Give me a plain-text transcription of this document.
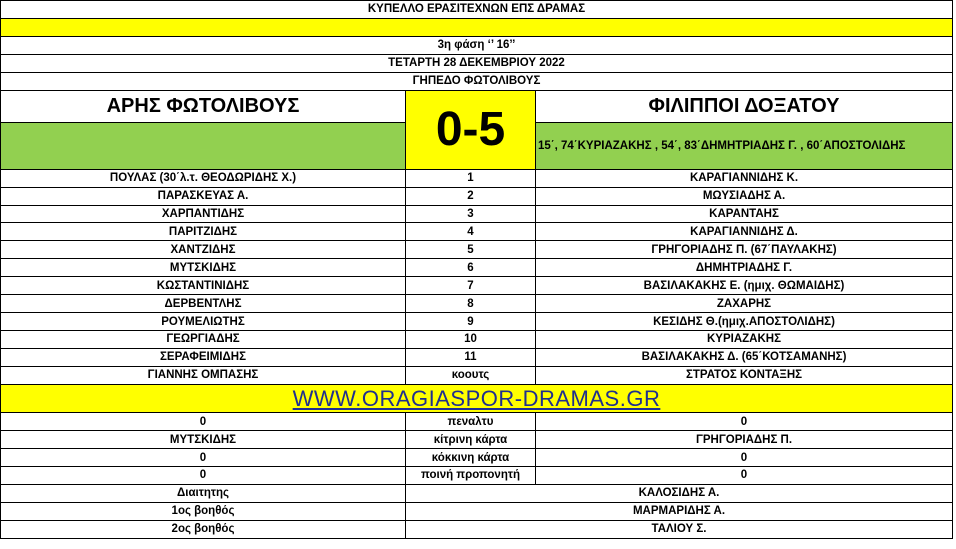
ΚΥΠΕΛΛΟ ΕΡΑΣΙΤΕΧΝΩΝ ΕΠΣ ΔΡΑΜΑΣ		

3η φάση ‘’ 16’’		
ΤΕΤΑΡΤΗ 28 ΔΕΚΕΜΒΡΙΟΥ 2022		
ΓΗΠΕΔΟ ΦΩΤΟΛΙΒΟΥΣ		
ΑΡΗΣ ΦΩΤΟΛΙΒΟΥΣ	0-5	ΦΙΛΙΠΠΟΙ ΔΟΞΑΤΟΥ
		15΄, 74΄ΚΥΡΙΑΖΑΚΗΣ , 54΄, 83΄ΔΗΜΗΤΡΙΑΔΗΣ Γ. , 60΄ΑΠΟΣΤΟΛΙΔΗΣ
ΠΟΥΛΑΣ (30΄λ.τ. ΘΕΟΔΩΡΙΔΗΣ Χ.)	1	ΚΑΡΑΓΙΑΝΝΙΔΗΣ Κ.
ΠΑΡΑΣΚΕΥΑΣ Α.	2	ΜΩΥΣΙΑΔΗΣ Α.
ΧΑΡΠΑΝΤΙΔΗΣ	3	ΚΑΡΑΝΤΑΗΣ
ΠΑΡΙΤΖΙΔΗΣ	4	ΚΑΡΑΓΙΑΝΝΙΔΗΣ Δ.
ΧΑΝΤΖΙΔΗΣ	5	ΓΡΗΓΟΡΙΑΔΗΣ Π. (67΄ΠΑΥΛΑΚΗΣ)
ΜΥΤΣΚΙΔΗΣ	6	ΔΗΜΗΤΡΙΑΔΗΣ Γ.
ΚΩΣΤΑΝΤΙΝΙΔΗΣ	7	ΒΑΣΙΛΑΚΑΚΗΣ Ε. (ημιχ. ΘΩΜΑΙΔΗΣ)
ΔΕΡΒΕΝΤΛΗΣ	8	ΖΑΧΑΡΗΣ
ΡΟΥΜΕΛΙΩΤΗΣ	9	ΚΕΣΙΔΗΣ Θ.(ημιχ.ΑΠΟΣΤΟΛΙΔΗΣ)
ΓΕΩΡΓΙΑΔΗΣ	10	ΚΥΡΙΑΖΑΚΗΣ
ΣΕΡΑΦΕΙΜΙΔΗΣ	11	ΒΑΣΙΛΑΚΑΚΗΣ Δ. (65΄ΚΟΤΣΑΜΑΝΗΣ)
ΓΙΑΝΝΗΣ ΟΜΠΑΣΗΣ	κοουτς	ΣΤΡΑΤΟΣ ΚΟΝΤΑΞΗΣ
WWW.ORAGIASPOR-DRAMAS.GR		
0	πεναλτυ	0
ΜΥΤΣΚΙΔΗΣ	κίτρινη κάρτα	ΓΡΗΓΟΡΙΑΔΗΣ Π.
0	κόκκινη κάρτα	0
0	ποινή προπονητή	0
Διαιτητης	ΚΑΛΟΣΙΔΗΣ Α.	
1ος βοηθός	ΜΑΡΜΑΡΙΔΗΣ Α.	
2ος βοηθός	ΤΑΛΙΟΥ Σ.	
